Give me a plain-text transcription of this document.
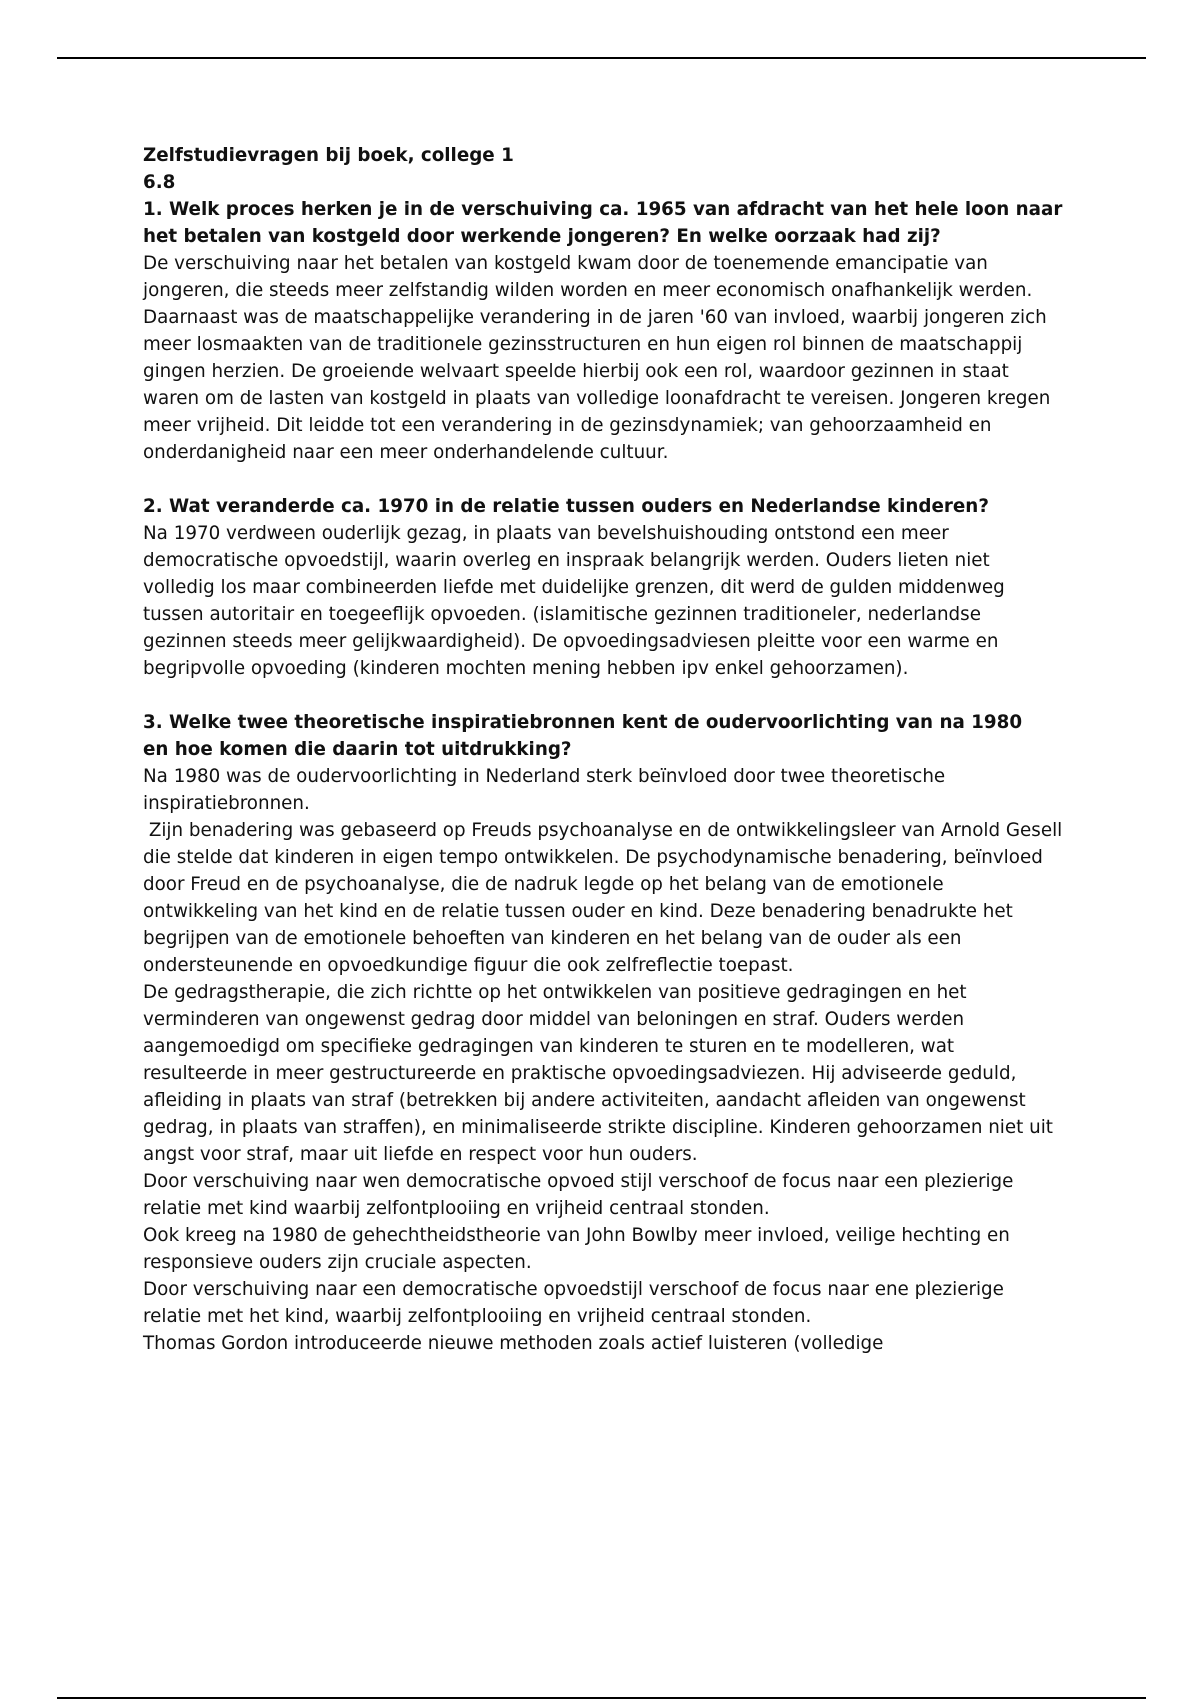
Zelfstudievragen bij boek, college 1

6.8

1. Welk proces herken je in de verschuiving ca. 1965 van afdracht van het hele loon naar

het betalen van kostgeld door werkende jongeren? En welke oorzaak had zij?

De verschuiving naar het betalen van kostgeld kwam door de toenemende emancipatie van jongeren, die steeds meer zelfstandig wilden worden en meer economisch onafhankelijk werden. Daarnaast was de maatschappelijke verandering in de jaren '60 van invloed, waarbij jongeren zich meer losmaakten van de traditionele gezinsstructuren en hun eigen rol binnen de maatschappij gingen herzien. De groeiende welvaart speelde hierbij ook een rol, waardoor gezinnen in staat waren om de lasten van kostgeld in plaats van volledige loonafdracht te vereisen. Jongeren kregen meer vrijheid. Dit leidde tot een verandering in de gezinsdynamiek; van gehoorzaamheid en onderdanigheid naar een meer onderhandelende cultuur.

2. Wat veranderde ca. 1970 in de relatie tussen ouders en Nederlandse kinderen?

Na 1970 verdween ouderlijk gezag, in plaats van bevelshuishouding ontstond een meer democratische opvoedstijl, waarin overleg en inspraak belangrijk werden. Ouders lieten niet volledig los maar combineerden liefde met duidelijke grenzen, dit werd de gulden middenweg tussen autoritair en toegeeflijk opvoeden. (islamitische gezinnen traditioneler, nederlandse gezinnen steeds meer gelijkwaardigheid). De opvoedingsadviesen pleitte voor een warme en begripvolle opvoeding (kinderen mochten mening hebben ipv enkel gehoorzamen).

3. Welke twee theoretische inspiratiebronnen kent de oudervoorlichting van na 1980

en hoe komen die daarin tot uitdrukking?

Na 1980 was de oudervoorlichting in Nederland sterk beïnvloed door twee theoretische inspiratiebronnen.

Zijn benadering was gebaseerd op Freuds psychoanalyse en de ontwikkelingsleer van Arnold Gesell die stelde dat kinderen in eigen tempo ontwikkelen. De psychodynamische benadering, beïnvloed door Freud en de psychoanalyse, die de nadruk legde op het belang van de emotionele ontwikkeling van het kind en de relatie tussen ouder en kind. Deze benadering benadrukte het begrijpen van de emotionele behoeften van kinderen en het belang van de ouder als een ondersteunende en opvoedkundige figuur die ook zelfreflectie toepast.

De gedragstherapie, die zich richtte op het ontwikkelen van positieve gedragingen en het verminderen van ongewenst gedrag door middel van beloningen en straf. Ouders werden aangemoedigd om specifieke gedragingen van kinderen te sturen en te modelleren, wat resulteerde in meer gestructureerde en praktische opvoedingsadviezen. Hij adviseerde geduld, afleiding in plaats van straf (betrekken bij andere activiteiten, aandacht afleiden van ongewenst gedrag, in plaats van straffen), en minimaliseerde strikte discipline. Kinderen gehoorzamen niet uit angst voor straf, maar uit liefde en respect voor hun ouders.

Door verschuiving naar wen democratische opvoed stijl verschoof de focus naar een plezierige relatie met kind waarbij zelfontplooiing en vrijheid centraal stonden.

Ook kreeg na 1980 de gehechtheidstheorie van John Bowlby meer invloed, veilige hechting en responsieve ouders zijn cruciale aspecten.

Door verschuiving naar een democratische opvoedstijl verschoof de focus naar ene plezierige relatie met het kind, waarbij zelfontplooiing en vrijheid centraal stonden.

Thomas Gordon introduceerde nieuwe methoden zoals actief luisteren (volledige
